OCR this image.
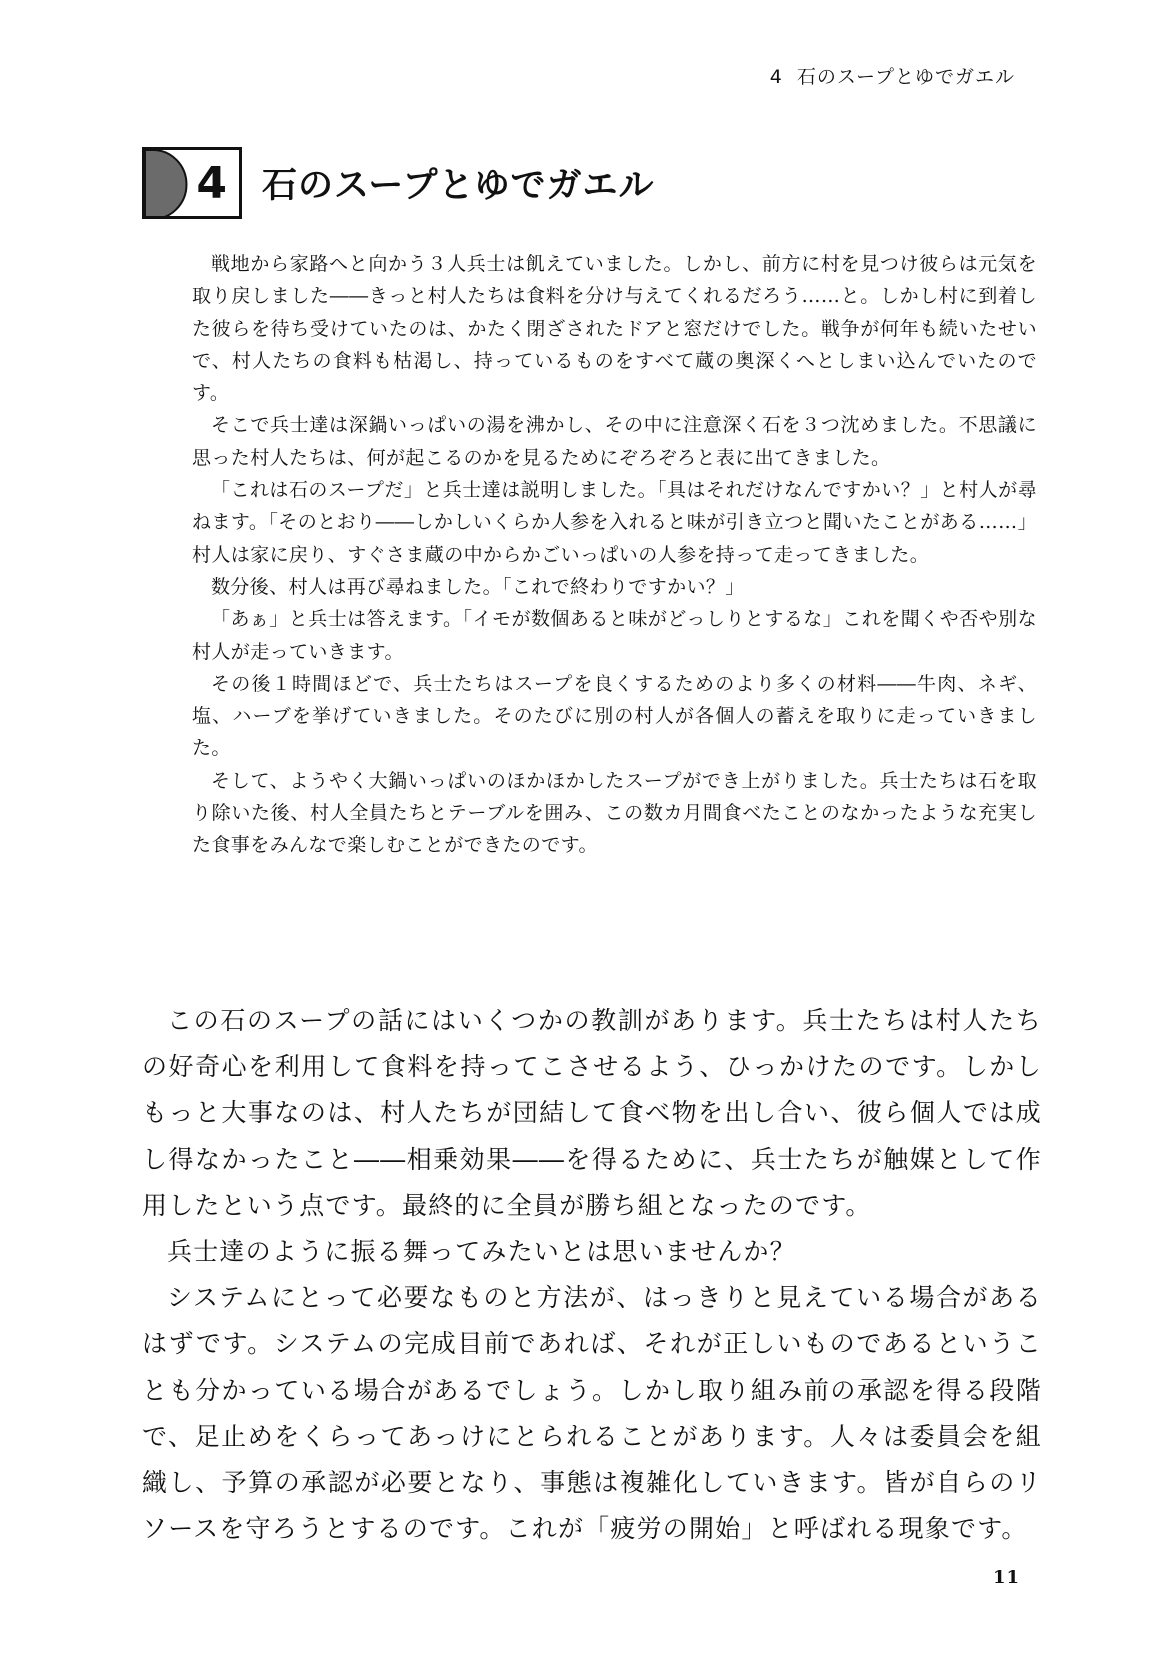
4 石のスープとゆでガエル
4 石のスープとゆでガエル

戦地から家路へと向かう３人兵士は飢えていました。しかし、前方に村を見つけ彼らは元気を取り戻しました――きっと村人たちは食料を分け与えてくれるだろう……と。しかし村に到着した彼らを待ち受けていたのは、かたく閉ざされたドアと窓だけでした。戦争が何年も続いたせいで、村人たちの食料も枯渇し、持っているものをすべて蔵の奥深くへとしまい込んでいたのです。

そこで兵士達は深鍋いっぱいの湯を沸かし、その中に注意深く石を３つ沈めました。不思議に思った村人たちは、何が起こるのかを見るためにぞろぞろと表に出てきました。

「これは石のスープだ」と兵士達は説明しました。「具はそれだけなんですかい？」と村人が尋ねます。「そのとおり――しかしいくらか人参を入れると味が引き立つと聞いたことがある……」村人は家に戻り、すぐさま蔵の中からかごいっぱいの人参を持って走ってきました。

数分後、村人は再び尋ねました。「これで終わりですかい？」

「あぁ」と兵士は答えます。「イモが数個あると味がどっしりとするな」これを聞くや否や別な村人が走っていきます。

その後１時間ほどで、兵士たちはスープを良くするためのより多くの材料――牛肉、ネギ、塩、ハーブを挙げていきました。そのたびに別の村人が各個人の蓄えを取りに走っていきました。

そして、ようやく大鍋いっぱいのほかほかしたスープができ上がりました。兵士たちは石を取り除いた後、村人全員たちとテーブルを囲み、この数カ月間食べたことのなかったような充実した食事をみんなで楽しむことができたのです。

この石のスープの話にはいくつかの教訓があります。兵士たちは村人たちの好奇心を利用して食料を持ってこさせるよう、ひっかけたのです。しかしもっと大事なのは、村人たちが団結して食べ物を出し合い、彼ら個人では成し得なかったこと――相乗効果――を得るために、兵士たちが触媒として作用したという点です。最終的に全員が勝ち組となったのです。

兵士達のように振る舞ってみたいとは思いませんか？

システムにとって必要なものと方法が、はっきりと見えている場合があるはずです。システムの完成目前であれば、それが正しいものであるということも分かっている場合があるでしょう。しかし取り組み前の承認を得る段階で、足止めをくらってあっけにとられることがあります。人々は委員会を組織し、予算の承認が必要となり、事態は複雑化していきます。皆が自らのリソースを守ろうとするのです。これが「疲労の開始」と呼ばれる現象です。

11
